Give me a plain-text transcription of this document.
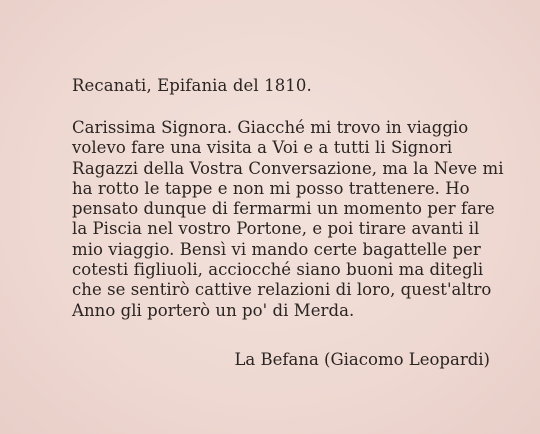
Recanati, Epifania del 1810.
Carissima Signora. Giacché mi trovo in viaggio
volevo fare una visita a Voi e a tutti li Signori
Ragazzi della Vostra Conversazione, ma la Neve mi
ha rotto le tappe e non mi posso trattenere. Ho
pensato dunque di fermarmi un momento per fare
la Piscia nel vostro Portone, e poi tirare avanti il
mio viaggio. Bensì vi mando certe bagattelle per
cotesti figliuoli, acciocché siano buoni ma ditegli
che se sentirò cattive relazioni di loro, quest'altro
Anno gli porterò un po' di Merda.
La Befana (Giacomo Leopardi)
